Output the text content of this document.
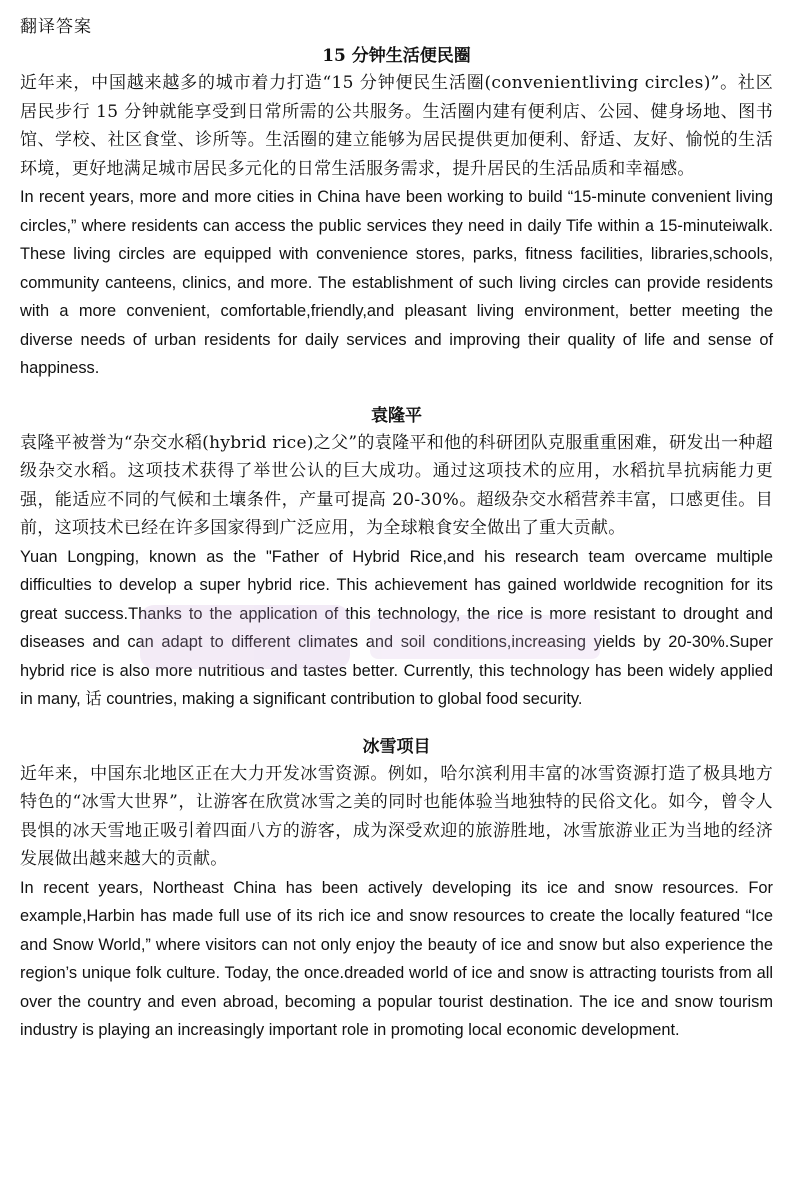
翻译答案
15 分钟生活便民圈

近年来，中国越来越多的城市着力打造“15 分钟便民生活圈(convenientliving circles)”。社区居民步行 15 分钟就能享受到日常所需的公共服务。生活圈内建有便利店、公园、健身场地、图书馆、学校、社区食堂、诊所等。生活圈的建立能够为居民提供更加便利、舒适、友好、愉悦的生活环境，更好地满足城市居民多元化的日常生活服务需求，提升居民的生活品质和幸福感。

In recent years, more and more cities in China have been working to build “15-minute convenient living circles,” where residents can access the public services they need in daily Tife within a 15-minuteiwalk. These living circles are equipped with convenience stores, parks, fitness facilities, libraries,schools, community canteens, clinics, and more. The establishment of such living circles can provide residents with a more convenient, comfortable,friendly,and pleasant living environment, better meeting the diverse needs of urban residents for daily services and improving their quality of life and sense of happiness.

袁隆平

袁隆平被誉为“杂交水稻(hybrid rice)之父”的袁隆平和他的科研团队克服重重困难，研发出一种超级杂交水稻。这项技术获得了举世公认的巨大成功。通过这项技术的应用，水稻抗旱抗病能力更强，能适应不同的气候和土壤条件，产量可提高 20-30%。超级杂交水稻营养丰富，口感更佳。目前，这项技术已经在许多国家得到广泛应用，为全球粮食安全做出了重大贡献。

Yuan Longping, known as the "Father of Hybrid Rice,and his research team overcame multiple difficulties to develop a super hybrid rice. This achievement has gained worldwide recognition for its great success.Thanks to the application of this technology, the rice is more resistant to drought and diseases and can adapt to different climates and soil conditions,increasing yields by 20-30%.Super hybrid rice is also more nutritious and tastes better. Currently, this technology has been widely applied in many, 话 countries, making a significant contribution to global food security.

冰雪项目

近年来，中国东北地区正在大力开发冰雪资源。例如，哈尔滨利用丰富的冰雪资源打造了极具地方特色的“冰雪大世界”，让游客在欣赏冰雪之美的同时也能体验当地独特的民俗文化。如今，曾令人畏惧的冰天雪地正吸引着四面八方的游客，成为深受欢迎的旅游胜地，冰雪旅游业正为当地的经济发展做出越来越大的贡献。

In recent years, Northeast China has been actively developing its ice and snow resources. For example,Harbin has made full use of its rich ice and snow resources to create the locally featured “Ice and Snow World,” where visitors can not only enjoy the beauty of ice and snow but also experience the region’s unique folk culture. Today, the once.dreaded world of ice and snow is attracting tourists from all over the country and even abroad, becoming a popular tourist destination. The ice and snow tourism industry is playing an increasingly important role in promoting local economic development.
